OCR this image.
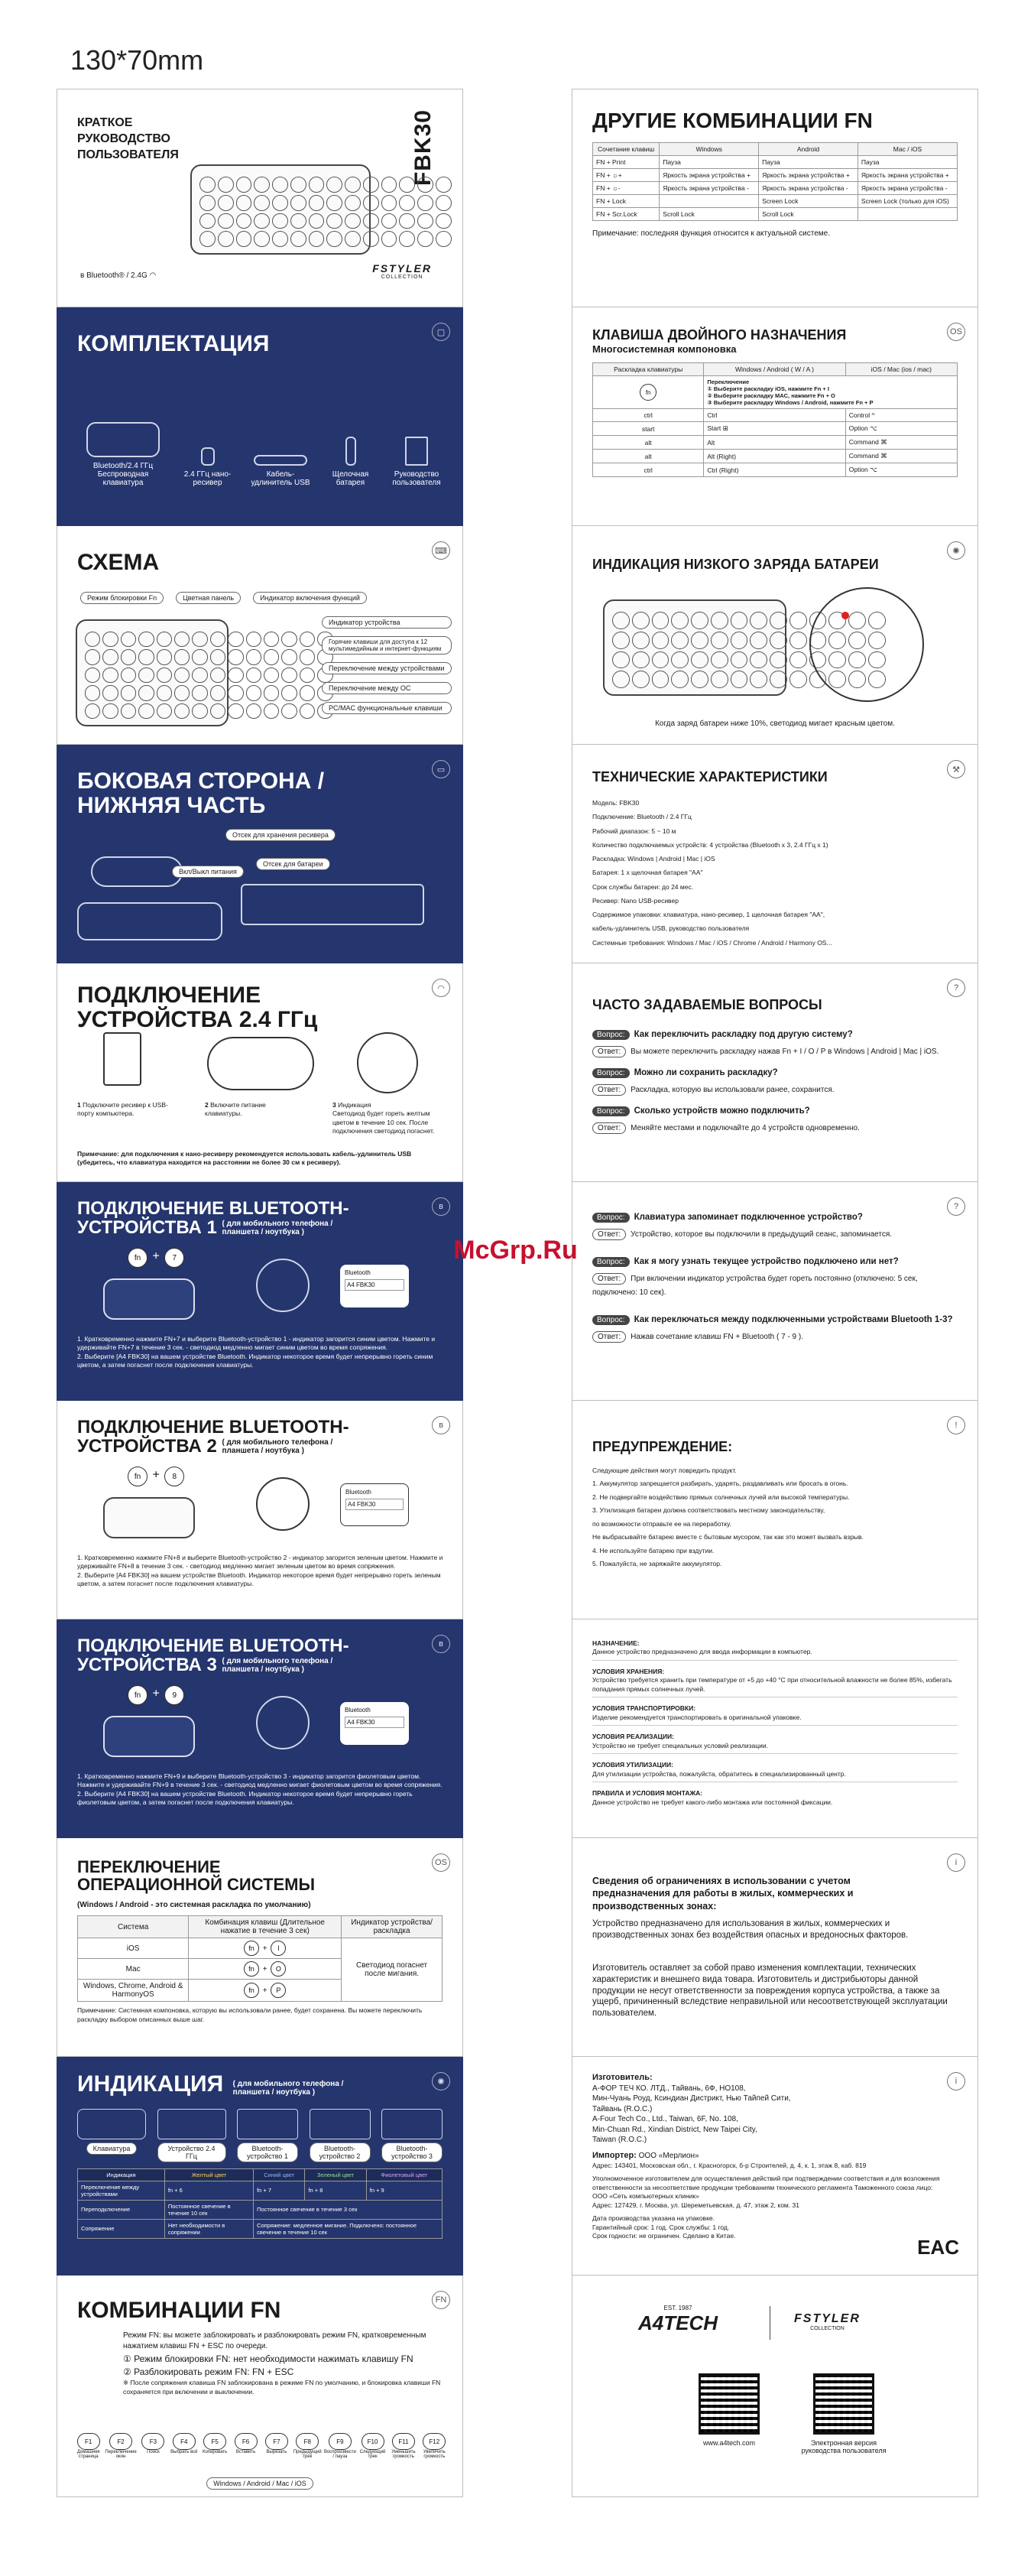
130*70mm
КРАТКОЕ
РУКОВОДСТВО
ПОЛЬЗОВАТЕЛЯ	FBK30
ʙ Bluetooth® / 2.4G ◠
FSTYLER
COLLECTION
КОМПЛЕКТАЦИЯ	▢
Bluetooth/2.4 ГГц Беспроводная клавиатура
2.4 ГГц нано-ресивер
Кабель-удлинитель USB
Щелочная батарея
Руководство пользователя
СХЕМА	⌨
Режим блокировки Fn	Цветная панель	Индикатор включения функций
Индикатор устройства
Горячие клавиши для доступа к 12 мультимедийным и интернет-функциям
Переключение между устройствами
Переключение между ОС
PC/MAC функциональные клавиши
БОКОВАЯ СТОРОНА /
НИЖНЯЯ ЧАСТЬ
▭
Отсек для хранения ресивера
Вкл/Выкл питания
Отсек для батареи
ПОДКЛЮЧЕНИЕ
УСТРОЙСТВА 2.4 ГГц
◠
1 Подключите ресивер к USB-порту компьютера.
2 Включите питание клавиатуры.
3 Индикация
Светодиод будет гореть желтым цветом в течение 10 сек. После подключения светодиод погаснет.
Примечание: для подключения к нано-ресиверу рекомендуется использовать кабель-удлинитель USB (убедитесь, что клавиатура находится на расстоянии не более 30 см к ресиверу).
ПОДКЛЮЧЕНИЕ BLUETOOTH-
УСТРОЙСТВА 1 ( для мобильного телефона / планшета / ноутбука )
ʙ
fn + 7
Bluetooth
A4 FBK30
1. Кратковременно нажмите FN+7 и выберите Bluetooth-устройство 1 - индикатор загорится синим цветом. Нажмите и удерживайте FN+7 в течение 3 сек. - светодиод медленно мигает синим цветом во время сопряжения.
2. Выберите [A4 FBK30] на вашем устройстве Bluetooth. Индикатор некоторое время будет непрерывно гореть синим цветом, а затем погаснет после подключения клавиатуры.
ПОДКЛЮЧЕНИЕ BLUETOOTH-
УСТРОЙСТВА 2 ( для мобильного телефона / планшета / ноутбука )
ʙ
fn + 8
Bluetooth
A4 FBK30
1. Кратковременно нажмите FN+8 и выберите Bluetooth-устройство 2 - индикатор загорится зеленым цветом. Нажмите и удерживайте FN+8 в течение 3 сек. - светодиод медленно мигает зеленым цветом во время сопряжения.
2. Выберите [A4 FBK30] на вашем устройстве Bluetooth. Индикатор некоторое время будет непрерывно гореть зеленым цветом, а затем погаснет после подключения клавиатуры.
ПОДКЛЮЧЕНИЕ BLUETOOTH-
УСТРОЙСТВА 3 ( для мобильного телефона / планшета / ноутбука )
ʙ
fn + 9
Bluetooth
A4 FBK30
1. Кратковременно нажмите FN+9 и выберите Bluetooth-устройство 3 - индикатор загорится фиолетовым цветом. Нажмите и удерживайте FN+9 в течение 3 сек. - светодиод медленно мигает фиолетовым цветом во время сопряжения.
2. Выберите [A4 FBK30] на вашем устройстве Bluetooth. Индикатор некоторое время будет непрерывно гореть фиолетовым цветом, а затем погаснет после подключения клавиатуры.
ПЕРЕКЛЮЧЕНИЕ
ОПЕРАЦИОННОЙ СИСТЕМЫ
OS
(Windows / Android - это системная раскладка по умолчанию)
Система	Комбинация клавиш (Длительное нажатие в течение 3 сек)	Индикатор устройства/раскладка
iOS	fn + I	Светодиод погаснет после мигания.
Mac	fn + O	
Windows, Chrome, Android & HarmonyOS	fn + P	
Примечание: Системная компоновка, которую вы использовали ранее, будет сохранена. Вы можете переключить раскладку выбором описанных выше шаг.
ИНДИКАЦИЯ ( для мобильного телефона / планшета / ноутбука )
✺
Клавиатура	Устройство 2.4 ГГц
Bluetooth-устройство 1
Bluetooth-устройство 2
Bluetooth-устройство 3
Индикация	Желтый цвет	Синий цвет	Зеленый цвет	Фиолетовый цвет
Переключение между устройствами	fn + 6	fn + 7	fn + 8	fn + 9
Переподключение	Постоянное свечение в течение 10 сек	Постоянное свечение в течение 3 сек		
Сопряжение	Нет необходимости в сопряжении	Сопряжение: медленное мигание. Подключено: постоянное свечение в течение 10 сек		
КОМБИНАЦИИ FN	FN
Режим FN: вы можете заблокировать и разблокировать режим FN, кратковременным нажатием клавиш FN + ESC по очереди.
① Режим блокировки FN: нет необходимости нажимать клавишу FN
② Разблокировать режим FN: FN + ESC
※ После сопряжения клавиша FN заблокирована в режиме FN по умолчанию, и блокировка клавиши FN сохраняется при включении и выключении.
F1
Домашняя страница
F2
Переключение окон
F3
Поиск
F4
Выбрать всё
F5
Копировать
F6
Вставить
F7
Вырезать
F8
Предыдущий трек
F9
Воспроизвести / пауза
F10
Следующий трек
F11
Уменьшить громкость
F12
Увеличить громкость
Windows / Android / Mac / iOS
ДРУГИЕ КОМБИНАЦИИ FN
Сочетание клавиш	Windows	Android	Mac / iOS
FN + Print	Пауза	Пауза	Пауза
FN + ☼+	Яркость экрана устройства +	Яркость экрана устройства +	Яркость экрана устройства +
FN + ☼-	Яркость экрана устройства -	Яркость экрана устройства -	Яркость экрана устройства -
FN + Lock		Screen Lock	Screen Lock (только для iOS)
FN + Scr.Lock	Scroll Lock	Scroll Lock	
Примечание: последняя функция относится к актуальной системе.
КЛАВИША ДВОЙНОГО НАЗНАЧЕНИЯ
Многосистемная компоновка
OS
Раскладка клавиатуры	Windows / Android ( W / A )	iOS / Mac (ios / mac)
fn	Переключение
① Выберите раскладку iOS, нажмите Fn + I
② Выберите раскладку MAC, нажмите Fn + O
③ Выберите раскладку Windows / Android, нажмите Fn + P	
ctrl	Ctrl	Control ^
start	Start ⊞	Option ⌥
alt	Alt	Command ⌘
alt	Alt (Right)	Command ⌘
ctrl	Ctrl (Right)	Option ⌥
ИНДИКАЦИЯ НИЗКОГО ЗАРЯДА БАТАРЕИ
✺
Когда заряд батареи ниже 10%, светодиод мигает красным цветом.
ТЕХНИЧЕСКИЕ ХАРАКТЕРИСТИКИ	⚒
Модель: FBK30
Подключение: Bluetooth / 2.4 ГГц
Рабочий диапазон: 5 ~ 10 м
Количество подключаемых устройств: 4 устройства (Bluetooth x 3, 2.4 ГГц x 1)
Раскладка: Windows | Android | Mac | iOS
Батарея: 1 x щелочная батарея "AA"
Срок службы батареи: до 24 мес.
Ресивер: Nano USB-ресивер
Содержимое упаковки: клавиатура, нано-ресивер, 1 щелочная батарея "AA",
кабель-удлинитель USB, руководство пользователя
Системные требования: Windows / Mac / iOS / Chrome / Android / Harmony OS...
ЧАСТО ЗАДАВАЕМЫЕ ВОПРОСЫ
?
Вопрос: Как переключить раскладку под другую систему?
Ответ: Вы можете переключить раскладку нажав Fn + I / O / P в Windows | Android | Mac | iOS.
Вопрос: Можно ли сохранить раскладку?
Ответ: Раскладка, которую вы использовали ранее, сохранится.
Вопрос: Сколько устройств можно подключить?
Ответ: Меняйте местами и подключайте до 4 устройств одновременно.
?
Вопрос: Клавиатура запоминает подключенное устройство?
Ответ: Устройство, которое вы подключили в предыдущий сеанс, запоминается.
Вопрос: Как я могу узнать текущее устройство подключено или нет?
Ответ: При включении индикатор устройства будет гореть постоянно (отключено: 5 сек, подключено: 10 сек).
Вопрос: Как переключаться между подключенными устройствами Bluetooth 1-3?
Ответ: Нажав сочетание клавиш FN + Bluetooth ( 7 - 9 ).
ПРЕДУПРЕЖДЕНИЕ:
!
Следующие действия могут повредить продукт.
1. Аккумулятор запрещается разбирать, ударять, раздавливать или бросать в огонь.
2. Не подвергайте воздействию прямых солнечных лучей или высокой температуры.
3. Утилизация батареи должна соответствовать местному законодательству,
по возможности отправьте ее на переработку.
Не выбрасывайте батарею вместе с бытовым мусором, так как это может вызвать взрыв.
4. Не используйте батарею при вздутии.
5. Пожалуйста, не заряжайте аккумулятор.
НАЗНАЧЕНИЕ:
Данное устройство предназначено для ввода информации в компьютер.
УСЛОВИЯ ХРАНЕНИЯ:
Устройство требуется хранить при температуре от +5 до +40 °С при относительной влажности не более 85%, избегать попадания прямых солнечных лучей.
УСЛОВИЯ ТРАНСПОРТИРОВКИ:
Изделие рекомендуется транспортировать в оригинальной упаковке.
УСЛОВИЯ РЕАЛИЗАЦИИ:
Устройство не требует специальных условий реализации.
УСЛОВИЯ УТИЛИЗАЦИИ:
Для утилизации устройства, пожалуйста, обратитесь в специализированный центр.
ПРАВИЛА И УСЛОВИЯ МОНТАЖА:
Данное устройство не требует какого-либо монтажа или постоянной фиксации.
i
Сведения об ограничениях в использовании с учетом предназначения для работы в жилых, коммерческих и производственных зонах:
Устройство предназначено для использования в жилых, коммерческих и производственных зонах без воздействия опасных и вредоносных факторов.
Изготовитель оставляет за собой право изменения комплектации, технических характеристик и внешнего вида товара. Изготовитель и дистрибьюторы данной продукции не несут ответственности за повреждения корпуса устройства, а также за ущерб, причиненный вследствие неправильной или несоответствующей эксплуатации пользователем.
i
Изготовитель:
A-ФОР ТЕЧ КО. ЛТД., Тайвань, 6Ф, НО108,
Мин-Чуань Роуд, Ксиндиан Дистрикт, Нью Тайпей Сити,
Тайвань (R.O.C.)
A-Four Tech Co., Ltd., Taiwan, 6F, No. 108,
Min-Chuan Rd., Xindian District, New Taipei City,
Taiwan (R.O.C.)
Импортер: ООО «Мерлион»
Адрес: 143401, Московская обл., г. Красногорск, б-р Строителей, д. 4, к. 1, этаж 8, каб. 819
Уполномоченное изготовителем для осуществления действий при подтверждении соответствия и для возложения ответственности за несоответствие продукции требованиям технического регламента Таможенного союза лицо:
ООО «Сеть компьютерных клиник»
Адрес: 127429, г. Москва, ул. Шереметьевская, д. 47, этаж 2, ком. 31
Дата производства указана на упаковке.
Гарантийный срок: 1 год. Срок службы: 1 год.
Срок годности: не ограничен. Сделано в Китае.
EAC
EST. 1987
A4TECH	FSTYLER
COLLECTION
www.a4tech.com	Электронная версия руководства пользователя
McGrp.Ru
